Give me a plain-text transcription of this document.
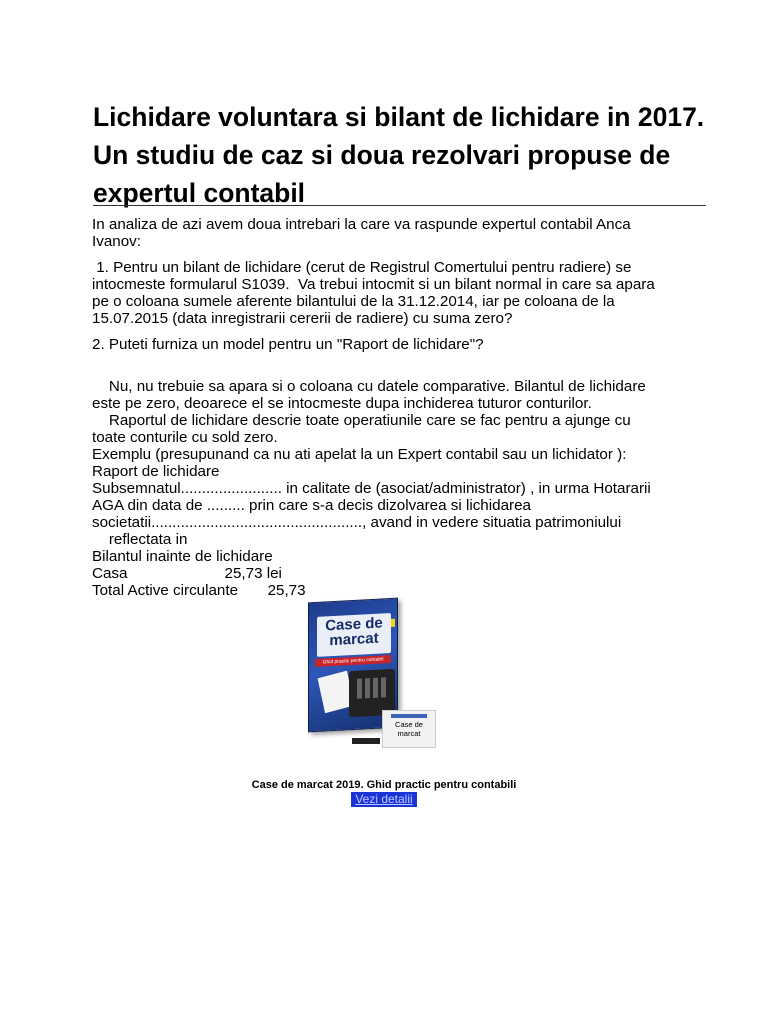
Lichidare voluntara si bilant de lichidare in 2017. Un studiu de caz si doua rezolvari propuse de expertul contabil

In analiza de azi avem doua intrebari la care va raspunde expertul contabil Anca
Ivanov:

1. Pentru un bilant de lichidare (cerut de Registrul Comertului pentru radiere) se
intocmeste formularul S1039.  Va trebui intocmit si un bilant normal in care sa apara
pe o coloana sumele aferente bilantului de la 31.12.2014, iar pe coloana de la
15.07.2015 (data inregistrarii cererii de radiere) cu suma zero?

2. Puteti furniza un model pentru un "Raport de lichidare"?

Nu, nu trebuie sa apara si o coloana cu datele comparative. Bilantul de lichidare
este pe zero, deoarece el se intocmeste dupa inchiderea tuturor conturilor.
Raportul de lichidare descrie toate operatiunile care se fac pentru a ajunge cu
toate conturile cu sold zero.
Exemplu (presupunand ca nu ati apelat la un Expert contabil sau un lichidator ):
Raport de lichidare
Subsemnatul........................ in calitate de (asociat/administrator) , in urma Hotararii
AGA din data de ......... prin care s-a decis dizolvarea si lichidarea
societatii.................................................., avand in vedere situatia patrimoniului
reflectata in
Bilantul inainte de lichidare
Casa                       25,73 lei
Total Active circulante       25,73

Case de marcat
Ghid practic pentru contabil
Case de marcat
Case de marcat 2019. Ghid practic pentru contabili
Vezi detalii
